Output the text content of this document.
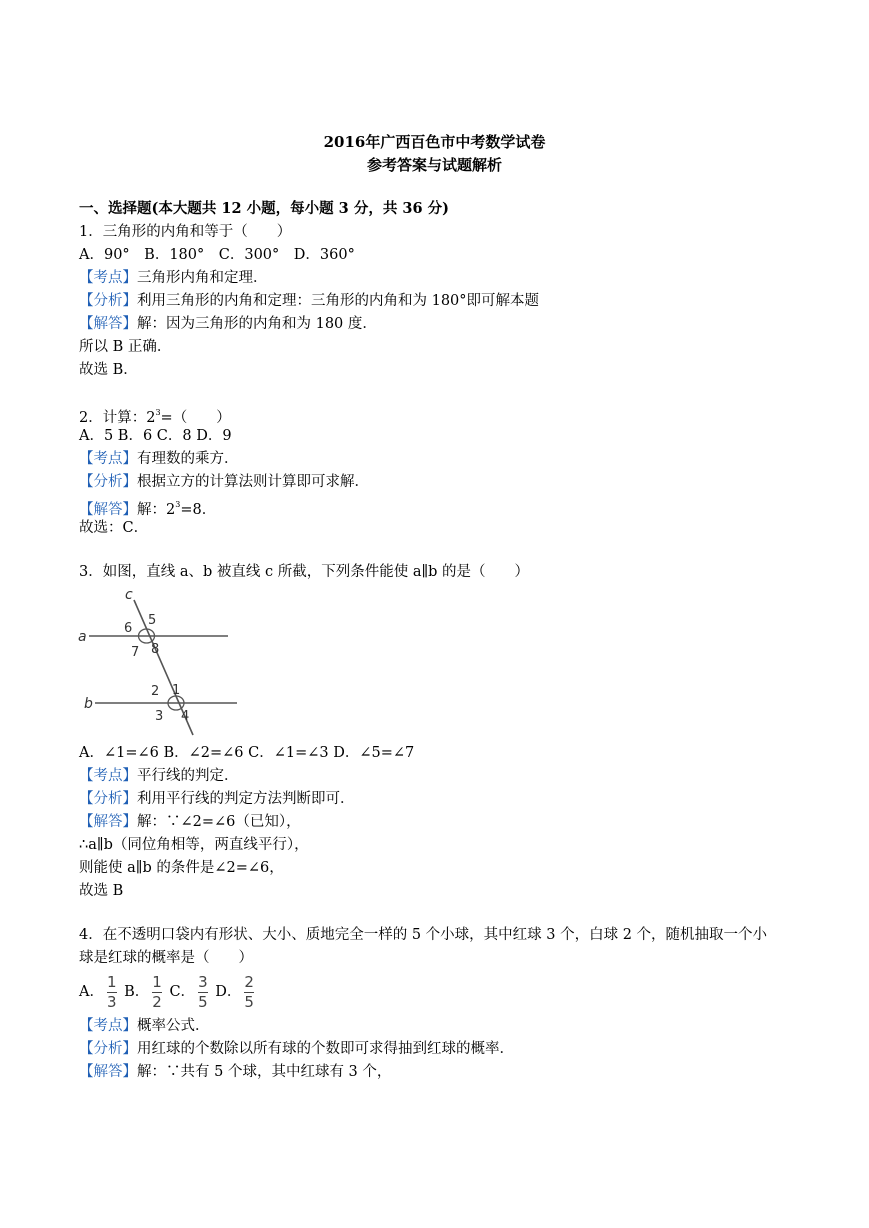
2016年广西百色市中考数学试卷
参考答案与试题解析
一、选择题(本大题共 12 小题，每小题 3 分，共 36 分)
1．三角形的内角和等于（　　）
A．90°　B．180°　C．300°　D．360°
【考点】三角形内角和定理．
【分析】利用三角形的内角和定理：三角形的内角和为 180°即可解本题
【解答】解：因为三角形的内角和为 180 度．
所以 B 正确．
故选 B．
2．计算：$2^3=$（　　）
A．5 B．6 C．8 D．9
【考点】有理数的乘方．
【分析】根据立方的计算法则计算即可求解．
【解答】解：$2^3=8$．
故选：C．
3．如图，直线 a、b 被直线 c 所截，下列条件能使 a∥b 的是（　　）
c
a
b
6
5
7 8
2 1
3 4
A．∠1=∠6 B．∠2=∠6 C．∠1=∠3 D．∠5=∠7
【考点】平行线的判定．
【分析】利用平行线的判定方法判断即可．
【解答】解：∵∠2=∠6（已知），
∴a∥b（同位角相等，两直线平行），
则能使 a∥b 的条件是∠2=∠6，
故选 B
4．在不透明口袋内有形状、大小、质地完全一样的 5 个小球，其中红球 3 个，白球 2 个，随机抽取一个小
球是红球的概率是（　　）
A． $\frac{1}{3}$ B． $\frac{1}{2}$ C． $\frac{3}{5}$ D． $\frac{2}{5}$
【考点】概率公式．
【分析】用红球的个数除以所有球的个数即可求得抽到红球的概率．
【解答】解：∵共有 5 个球，其中红球有 3 个，
